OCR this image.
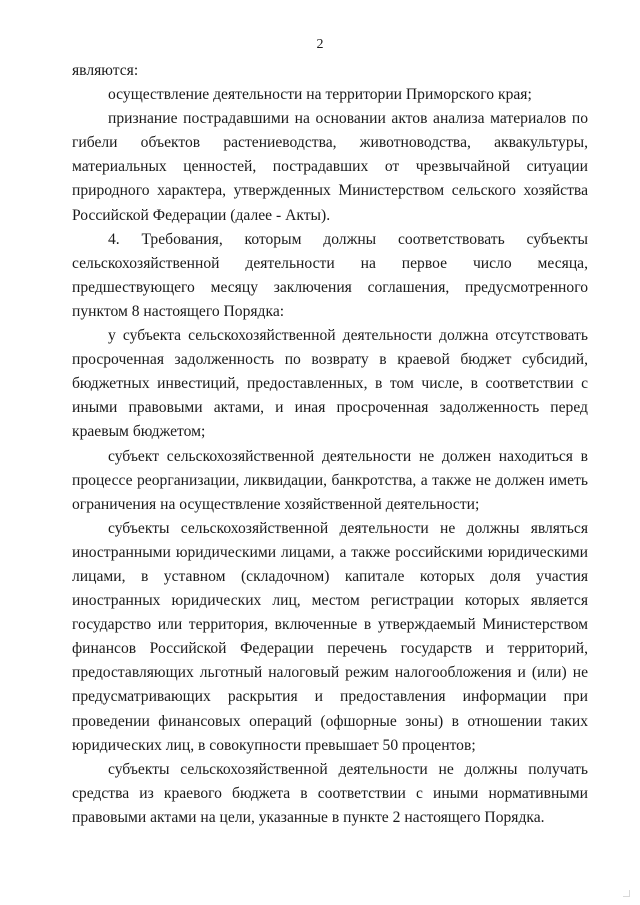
2

являются:

осуществление деятельности на территории Приморского края;

признание пострадавшими на основании актов анализа материалов по гибели объектов растениеводства, животноводства, аквакультуры, материальных ценностей, пострадавших от чрезвычайной ситуации природного характера, утвержденных Министерством сельского хозяйства Российской Федерации (далее - Акты).

4. Требования, которым должны соответствовать субъекты сельскохозяйственной деятельности на первое число месяца, предшествующего месяцу заключения соглашения, предусмотренного пунктом 8 настоящего Порядка:

у субъекта сельскохозяйственной деятельности должна отсутствовать просроченная задолженность по возврату в краевой бюджет субсидий, бюджетных инвестиций, предоставленных, в том числе, в соответствии с иными правовыми актами, и иная просроченная задолженность перед краевым бюджетом;

субъект сельскохозяйственной деятельности не должен находиться в процессе реорганизации, ликвидации, банкротства, а также не должен иметь ограничения на осуществление хозяйственной деятельности;

субъекты сельскохозяйственной деятельности не должны являться иностранными юридическими лицами, а также российскими юридическими лицами, в уставном (складочном) капитале которых доля участия иностранных юридических лиц, местом регистрации которых является государство или территория, включенные в утверждаемый Министерством финансов Российской Федерации перечень государств и территорий, предоставляющих льготный налоговый режим налогообложения и (или) не предусматривающих раскрытия и предоставления информации при проведении финансовых операций (офшорные зоны) в отношении таких юридических лиц, в совокупности превышает 50 процентов;

субъекты сельскохозяйственной деятельности не должны получать средства из краевого бюджета в соответствии с иными нормативными правовыми актами на цели, указанные в пункте 2 настоящего Порядка.
